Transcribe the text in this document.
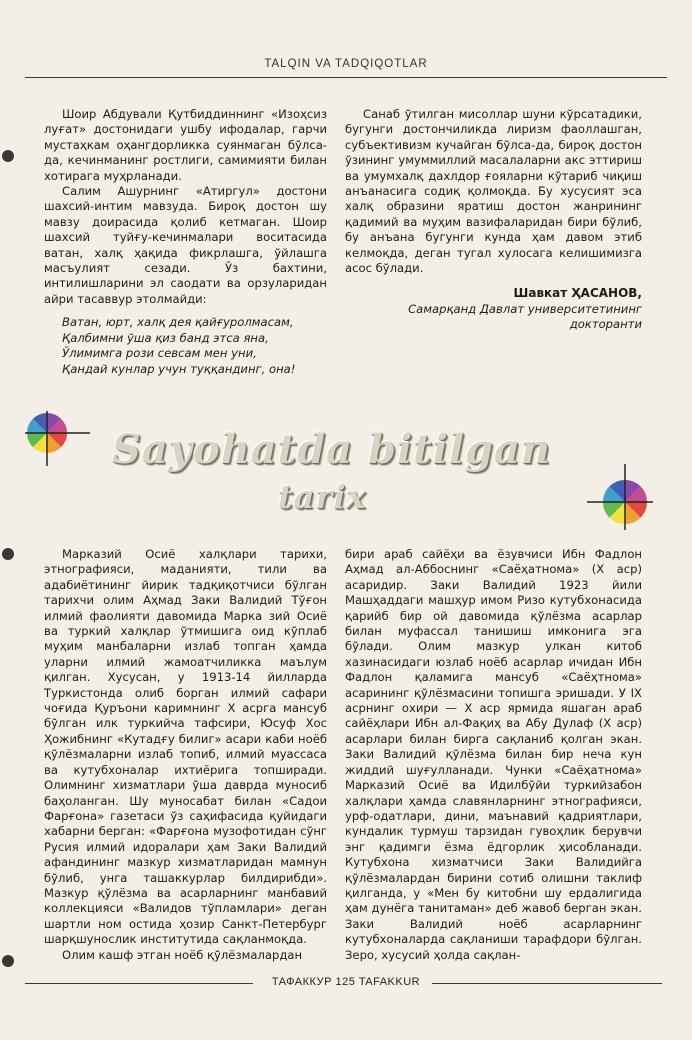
TALQIN VA TADQIQOTLAR

Шоир Абдували Қутбиддиннинг «Изоҳсиз луғат» достонидаги ушбу ифодалар, гарчи мустаҳкам оҳангдорликка суянмаган бўлса-да, кечинманинг ростлиги, самимияти билан хотирага муҳрланади.

Салим Ашурнинг «Атиргул» достони шахсий-интим мавзуда. Бироқ достон шу мавзу доирасида қолиб кетмаган. Шоир шахсий туйғу-кечинмалари воситасида ватан, халқ ҳақида фикрлашга, ўйлашга масъулият сезади. Ўз бахтини, интилишларини эл саодати ва орзуларидан айри тасаввур этолмайди:

Ватан, юрт, халқ дея қайғуролмасам,
Қалбимни ўша қиз банд этса яна,
Ўлимимга рози севсам мен уни,
Қандай кунлар учун туққандинг, она!

Санаб ўтилган мисоллар шуни кўрсатадики, бугунги достончиликда лиризм фаоллашган, субъективизм кучайган бўлса-да, бироқ достон ўзининг умуммиллий масалаларни акс эттириш ва умумхалқ дахлдор ғояларни кўтариб чиқиш анъанасига содиқ қолмоқда. Бу хусусият эса халқ образини яратиш достон жанрининг қадимий ва муҳим вазифаларидан бири бўлиб, бу анъана бугунги кунда ҳам давом этиб келмоқда, деган тугал хулосага келишимизга асос бўлади.

Шавкат ҲАСАНОВ,
Самарқанд Давлат университетининг
докторанти
Sayohatda bitilgan
tarix

Марказий Осиё халқлари тарихи, этнографияси, маданияти, тили ва адабиётининг йирик тадқиқотчиси бўлган тарихчи олим Аҳмад Заки Валидий Тўғон илмий фаолияти давомида Марка зий Осиё ва туркий халқлар ўтмишига оид кўплаб муҳим манбаларни излаб топган ҳамда уларни илмий жамоатчиликка маълум қилган. Хусусан, у 1913-14 йилларда Туркистонда олиб борган илмий сафари чоғида Қуръони каримнинг X асрга мансуб бўлган илк туркийча тафсири, Юсуф Хос Ҳожибнинг «Кутадғу билиг» асари каби ноёб қўлёзмаларни излаб топиб, илмий муассаса ва кутубхоналар ихтиёрига топширади. Олимнинг хизматлари ўша даврда муносиб баҳоланган. Шу муносабат билан «Садои Фарғона» газетаси ўз саҳифасида қуйидаги хабарни берган: «Фарғона музофотидан сўнг Русия илмий идоралари ҳам Заки Валидий афандининг мазкур хизматларидан мамнун бўлиб, унга ташаккурлар билдирибди». Мазкур қўлёзма ва асарларнинг манбавий коллекцияси «Валидов тўпламлари» деган шартли ном остида ҳозир Санкт-Петербург шарқшунослик институтида сақланмоқда.

Олим кашф этган ноёб қўлёзмалардан

бири араб сайёҳи ва ёзувчиси Ибн Фадлон Аҳмад ал-Аббоснинг «Саёҳатнома» (X аср) асаридир. Заки Валидий 1923 йили Машҳаддаги машҳур имом Ризо кутубхонасида қарийб бир ой давомида қўлёзма асарлар билан муфассал танишиш имконига эга бўлади. Олим мазкур улкан китоб хазинасидаги юзлаб ноёб асарлар ичидан Ибн Фадлон қаламига мансуб «Саёҳтнома» асарининг қўлёзмасини топишга эришади. У IX асрнинг охири — X аср ярмида яшаган араб сайёҳлари Ибн ал-Фақиҳ ва Абу Дулаф (X аср) асарлари билан бирга сақланиб қолган экан. Заки Валидий қўлёзма билан бир неча кун жиддий шуғулланади. Чунки «Саёҳатнома» Марказий Осиё ва Идилбўйи туркийзабон халқлари ҳамда славянларнинг этнографияси, урф-одатлари, дини, маънавий қадриятлари, кундалик турмуш тарзидан гувоҳлик берувчи энг қадимги ёзма ёдгорлик ҳисобланади. Кутубхона хизматчиси Заки Валидийга қўлёзмалардан бирини сотиб олишни таклиф қилганда, у «Мен бу китобни шу ердалигида ҳам дунёга танитаман» деб жавоб берган экан. Заки Валидий ноёб асарларнинг кутубхоналарда сақланиши тарафдори бўлган. Зеро, хусусий ҳолда сақлан-

ТАФАККУР 125 TAFAKKUR
